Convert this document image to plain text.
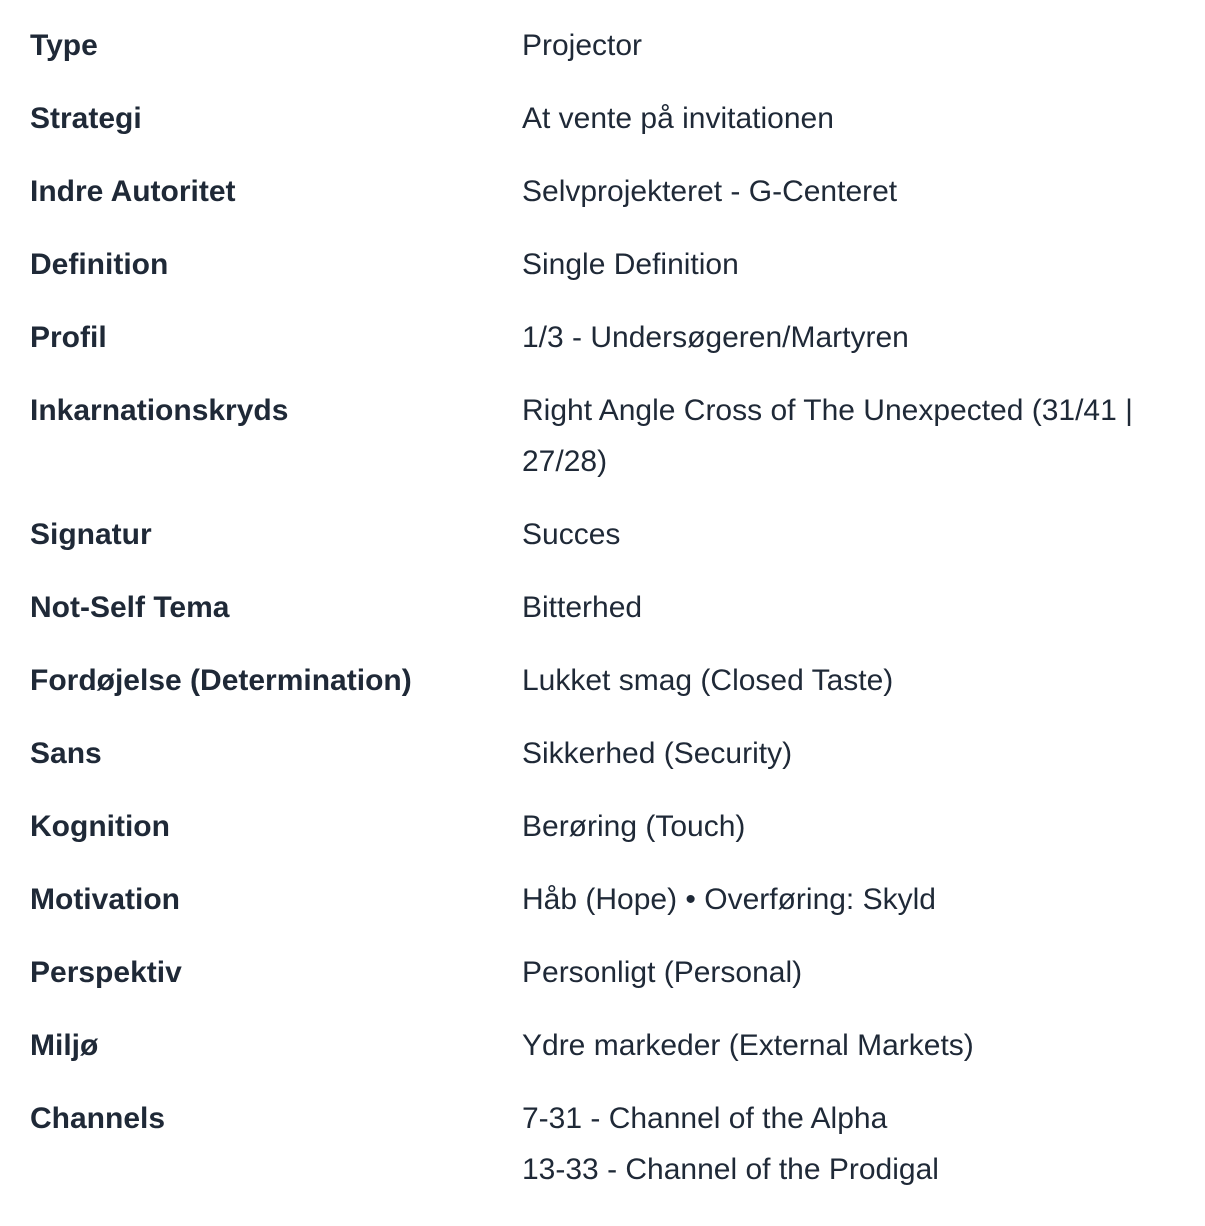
Type	Projector
Strategi	At vente på invitationen
Indre Autoritet	Selvprojekteret - G-Centeret
Definition	Single Definition
Profil	1/3 - Undersøgeren/Martyren
Inkarnationskryds	Right Angle Cross of The Unexpected (31/41 | 27/28)
Signatur	Succes
Not-Self Tema	Bitterhed
Fordøjelse (Determination)	Lukket smag (Closed Taste)
Sans	Sikkerhed (Security)
Kognition	Berøring (Touch)
Motivation	Håb (Hope) • Overføring: Skyld
Perspektiv	Personligt (Personal)
Miljø	Ydre markeder (External Markets)
Channels	7-31 - Channel of the Alpha
13-33 - Channel of the Prodigal
